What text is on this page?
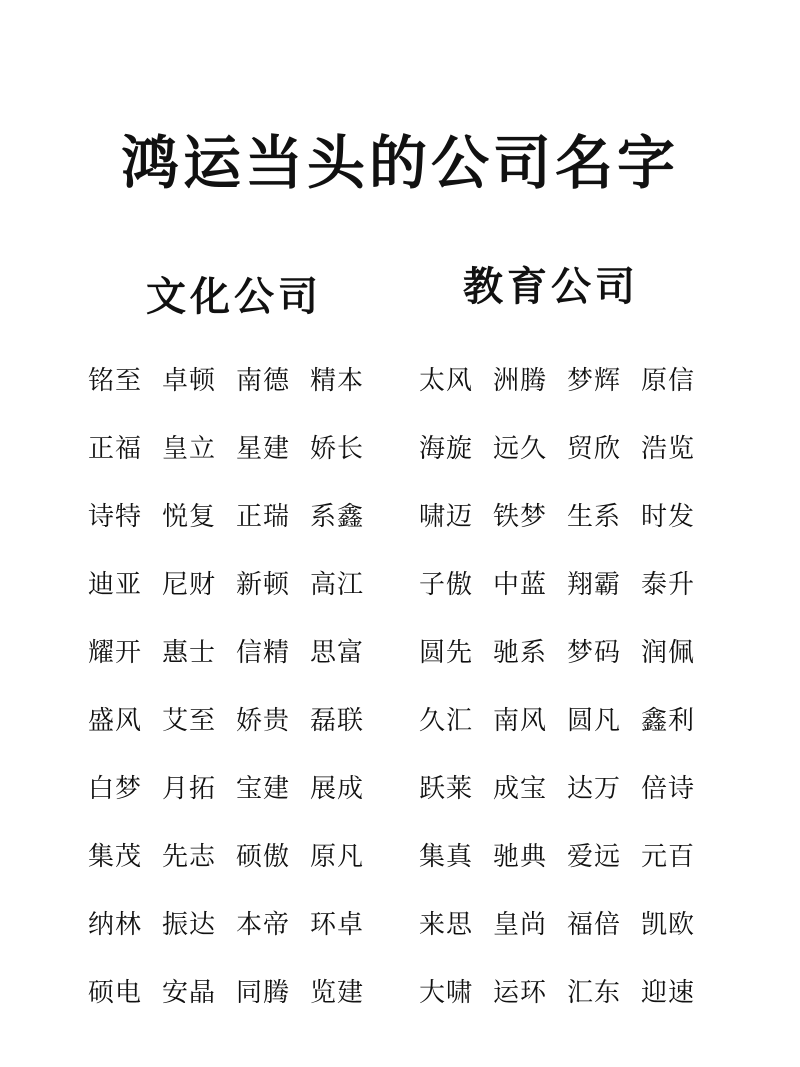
鸿运当头的公司名字
文化公司
铭至 卓顿 南德 精本
正福 皇立 星建 娇长
诗特 悦复 正瑞 系鑫
迪亚 尼财 新顿 高江
耀开 惠士 信精 思富
盛风 艾至 娇贵 磊联
白梦 月拓 宝建 展成
集茂 先志 硕傲 原凡
纳林 振达 本帝 环卓
硕电 安晶 同腾 览建
教育公司
太风 洲腾 梦辉 原信
海旋 远久 贸欣 浩览
啸迈 铁梦 生系 时发
子傲 中蓝 翔霸 泰升
圆先 驰系 梦码 润佩
久汇 南风 圆凡 鑫利
跃莱 成宝 达万 倍诗
集真 驰典 爱远 元百
来思 皇尚 福倍 凯欧
大啸 运环 汇东 迎速
